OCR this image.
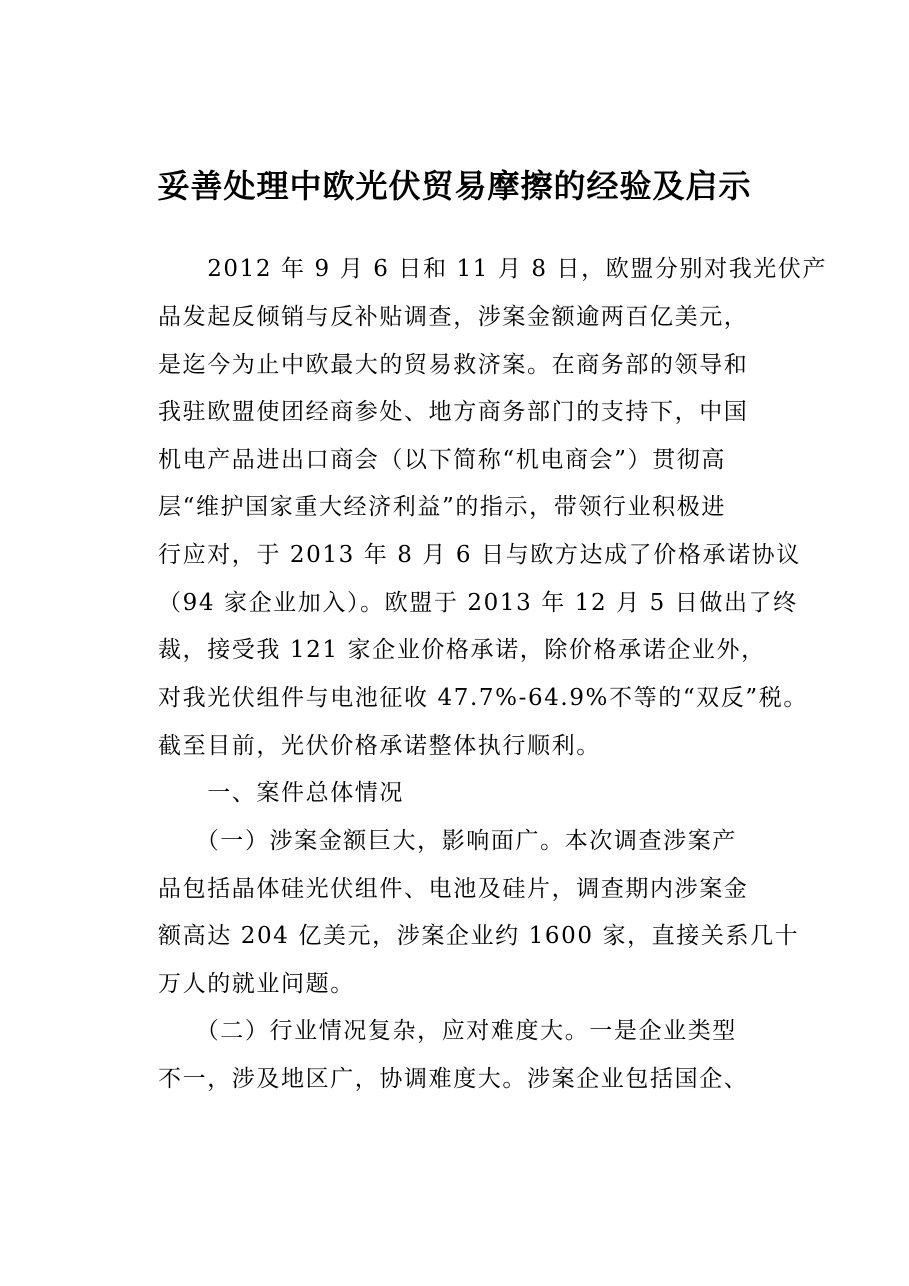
妥善处理中欧光伏贸易摩擦的经验及启示

　　2012 年 9 月 6 日和 11 月 8 日，欧盟分别对我光伏产

品发起反倾销与反补贴调查，涉案金额逾两百亿美元，

是迄今为止中欧最大的贸易救济案。在商务部的领导和

我驻欧盟使团经商参处、地方商务部门的支持下，中国

机电产品进出口商会（以下简称“机电商会”）贯彻高

层“维护国家重大经济利益”的指示，带领行业积极进

行应对，于 2013 年 8 月 6 日与欧方达成了价格承诺协议

（94 家企业加入）。欧盟于 2013 年 12 月 5 日做出了终

裁，接受我 121 家企业价格承诺，除价格承诺企业外，

对我光伏组件与电池征收 47.7%-64.9%不等的“双反”税。

截至目前，光伏价格承诺整体执行顺利。

　　一、案件总体情况

　　（一）涉案金额巨大，影响面广。本次调查涉案产

品包括晶体硅光伏组件、电池及硅片，调查期内涉案金

额高达 204 亿美元，涉案企业约 1600 家，直接关系几十

万人的就业问题。

　　（二）行业情况复杂，应对难度大。一是企业类型

不一，涉及地区广，协调难度大。涉案企业包括国企、
